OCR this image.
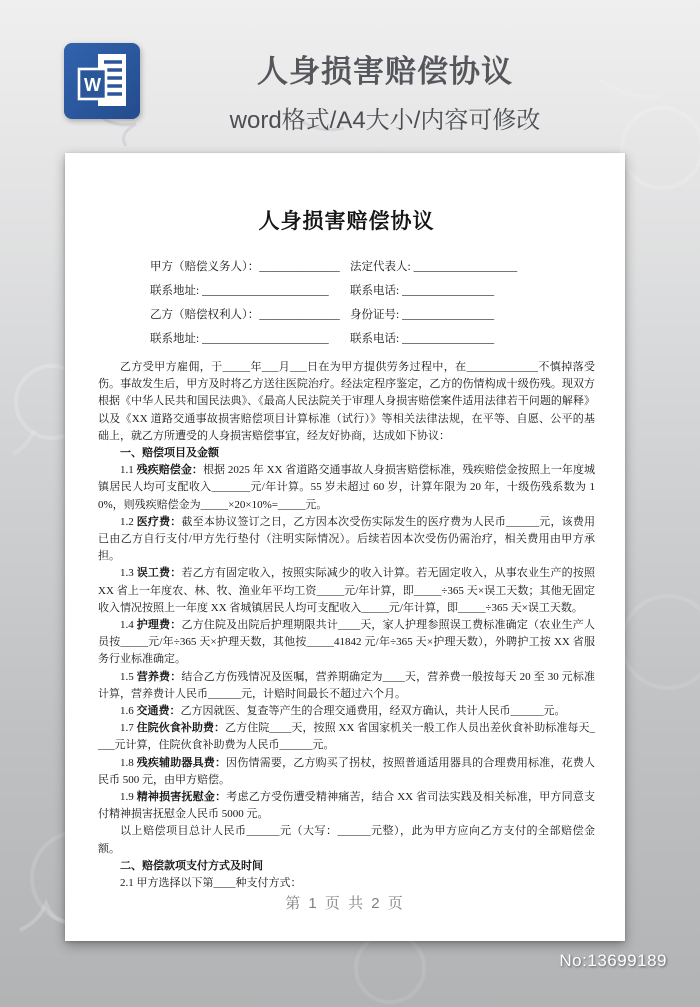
W	人身损害赔偿协议
word格式/A4大小/内容可修改
人身损害赔偿协议
甲方（赔偿义务人）：______________ 法定代表人: __________________
联系地址: ______________________	联系电话: ________________
乙方（赔偿权利人）：______________ 身份证号: ________________
联系地址: ______________________	联系电话: ________________

乙方受甲方雇佣，于_____年___月___日在为甲方提供劳务过程中，在_____________不慎掉落受伤。事故发生后，甲方及时将乙方送往医院治疗。经法定程序鉴定，乙方的伤情构成十级伤残。现双方根据《中华人民共和国民法典》、《最高人民法院关于审理人身损害赔偿案件适用法律若干问题的解释》以及《XX 道路交通事故损害赔偿项目计算标准（试行）》等相关法律法规，在平等、自愿、公平的基础上，就乙方所遭受的人身损害赔偿事宜，经友好协商，达成如下协议：

一、赔偿项目及金额

1.1 残疾赔偿金：根据 2025 年 XX 省道路交通事故人身损害赔偿标准，残疾赔偿金按照上一年度城镇居民人均可支配收入_______元/年计算。55 岁未超过 60 岁，计算年限为 20 年，十级伤残系数为 10%，则残疾赔偿金为_____×20×10%=_____元。

1.2 医疗费：截至本协议签订之日，乙方因本次受伤实际发生的医疗费为人民币______元，该费用已由乙方自行支付/甲方先行垫付（注明实际情况）。后续若因本次受伤仍需治疗，相关费用由甲方承担。

1.3 误工费：若乙方有固定收入，按照实际减少的收入计算。若无固定收入，从事农业生产的按照 XX 省上一年度农、林、牧、渔业年平均工资_____元/年计算，即_____÷365 天×误工天数；其他无固定收入情况按照上一年度 XX 省城镇居民人均可支配收入_____元/年计算，即_____÷365 天×误工天数。

1.4 护理费：乙方住院及出院后护理期限共计____天，家人护理参照误工费标准确定（农业生产人员按_____元/年÷365 天×护理天数，其他按_____41842 元/年÷365 天×护理天数），外聘护工按 XX 省服务行业标准确定。

1.5 营养费：结合乙方伤残情况及医嘱，营养期确定为____天，营养费一般按每天 20 至 30 元标准计算，营养费计人民币______元，计赔时间最长不超过六个月。

1.6 交通费：乙方因就医、复查等产生的合理交通费用，经双方确认，共计人民币______元。

1.7 住院伙食补助费：乙方住院____天，按照 XX 省国家机关一般工作人员出差伙食补助标准每天____元计算，住院伙食补助费为人民币______元。

1.8 残疾辅助器具费：因伤情需要，乙方购买了拐杖，按照普通适用器具的合理费用标准，花费人民币 500 元，由甲方赔偿。

1.9 精神损害抚慰金：考虑乙方受伤遭受精神痛苦，结合 XX 省司法实践及相关标准，甲方同意支付精神损害抚慰金人民币 5000 元。

以上赔偿项目总计人民币______元（大写：______元整），此为甲方应向乙方支付的全部赔偿金额。

二、赔偿款项支付方式及时间

2.1 甲方选择以下第____种支付方式：

第 1 页 共 2 页
No:13699189
